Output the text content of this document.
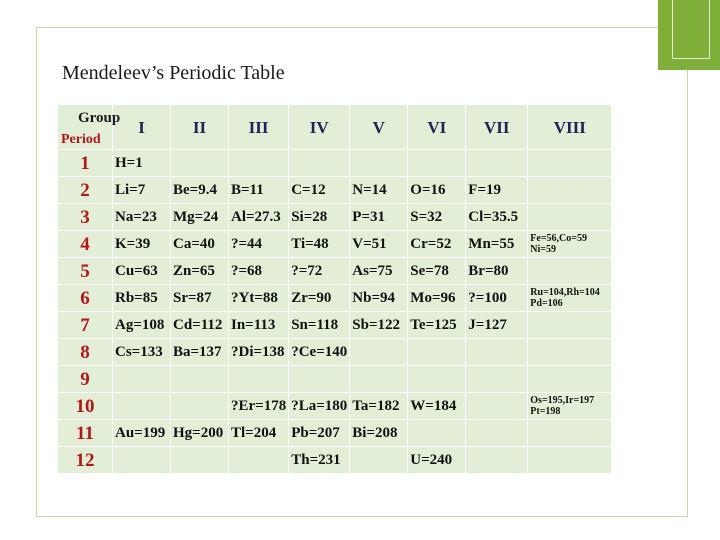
Mendeleev’s Periodic Table
Group
Period	I	II	III	IV	V	VI	VII	VIII
1	H=1							
2	Li=7	Be=9.4	B=11	C=12	N=14	O=16	F=19	
3	Na=23	Mg=24	Al=27.3	Si=28	P=31	S=32	Cl=35.5	
4	K=39	Ca=40	?=44	Ti=48	V=51	Cr=52	Mn=55	Fe=56,Co=59 Ni=59
5	Cu=63	Zn=65	?=68	?=72	As=75	Se=78	Br=80	
6	Rb=85	Sr=87	?Yt=88	Zr=90	Nb=94	Mo=96	?=100	Ru=104,Rh=104 Pd=106
7	Ag=108	Cd=112	In=113	Sn=118	Sb=122	Te=125	J=127	
8	Cs=133	Ba=137	?Di=138	?Ce=140				
9								
10			?Er=178	?La=180	Ta=182	W=184		Os=195,Ir=197 Pt=198
11	Au=199	Hg=200	Tl=204	Pb=207	Bi=208			
12				Th=231		U=240		
